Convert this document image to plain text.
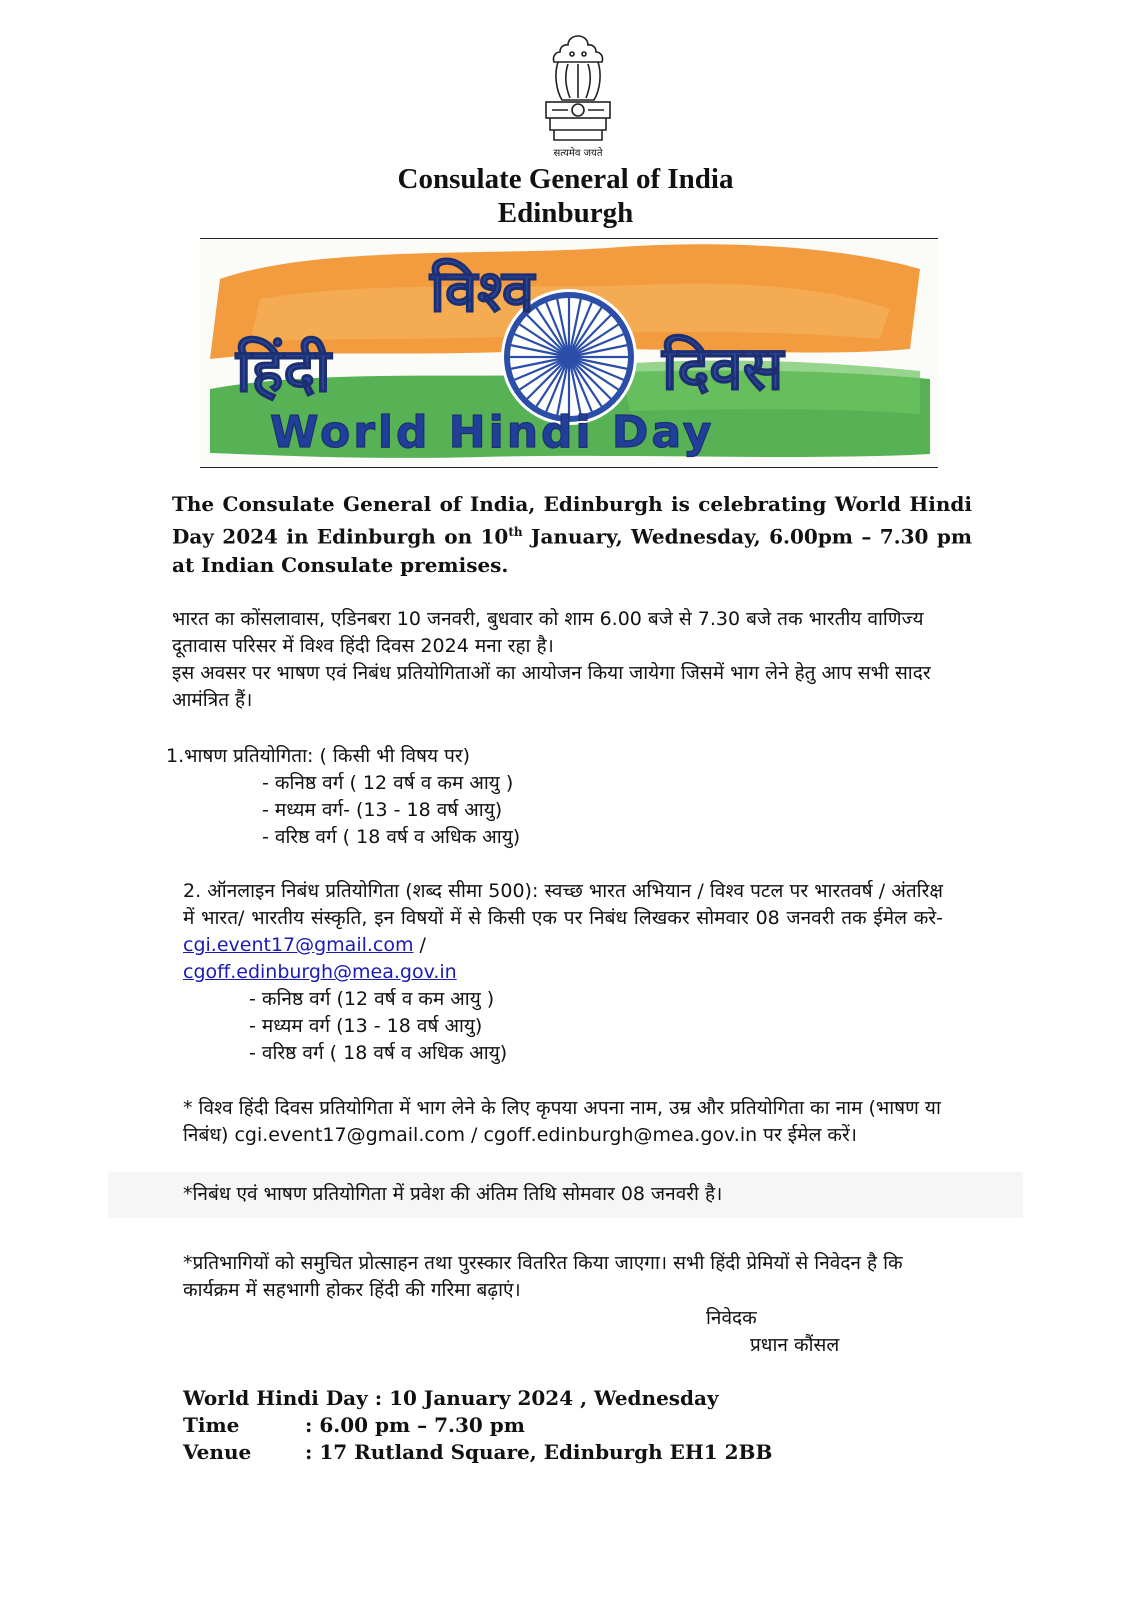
सत्यमेव जयते
Consulate General of India
Edinburgh
विश्व
हिंदी	दिवस
World Hindi Day
The Consulate General of India, Edinburgh is celebrating World Hindi Day 2024 in Edinburgh on 10th January, Wednesday, 6.00pm – 7.30 pm at Indian Consulate premises.

भारत का कोंसलावास, एडिनबरा 10 जनवरी, बुधवार को शाम 6.00 बजे से 7.30 बजे तक भारतीय वाणिज्य दूतावास परिसर में विश्व हिंदी दिवस 2024 मना रहा है।

इस अवसर पर भाषण एवं निबंध प्रतियोगिताओं का आयोजन किया जायेगा जिसमें भाग लेने हेतु आप सभी सादर आमंत्रित हैं।

1.भाषण प्रतियोगिता: ( किसी भी विषय पर)

- कनिष्ठ वर्ग ( 12 वर्ष व कम आयु )

- मध्यम वर्ग- (13 - 18 वर्ष आयु)

- वरिष्ठ वर्ग ( 18 वर्ष व अधिक आयु)

2. ऑनलाइन निबंध प्रतियोगिता (शब्द सीमा 500): स्वच्छ भारत अभियान / विश्व पटल पर भारतवर्ष / अंतरिक्ष में भारत/ भारतीय संस्कृति, इन विषयों में से किसी एक पर निबंध लिखकर सोमवार 08 जनवरी तक ईमेल करे- cgi.event17@gmail.com /
cgoff.edinburgh@mea.gov.in

- कनिष्ठ वर्ग (12 वर्ष व कम आयु )

- मध्यम वर्ग (13 - 18 वर्ष आयु)

- वरिष्ठ वर्ग ( 18 वर्ष व अधिक आयु)

* विश्व हिंदी दिवस प्रतियोगिता में भाग लेने के लिए कृपया अपना नाम, उम्र और प्रतियोगिता का नाम (भाषण या निबंध) cgi.event17@gmail.com / cgoff.edinburgh@mea.gov.in पर ईमेल करें।

*निबंध एवं भाषण प्रतियोगिता में प्रवेश की अंतिम तिथि सोमवार 08 जनवरी है।

*प्रतिभागियों को समुचित प्रोत्साहन तथा पुरस्कार वितरित किया जाएगा। सभी हिंदी प्रेमियों से निवेदन है कि कार्यक्रम में सहभागी होकर हिंदी की गरिमा बढ़ाएं।

निवेदक
प्रधान कौंसल
World Hindi Day : 10 January 2024 , Wednesday
Time	: 6.00 pm – 7.30 pm
Venue	: 17 Rutland Square, Edinburgh EH1 2BB
